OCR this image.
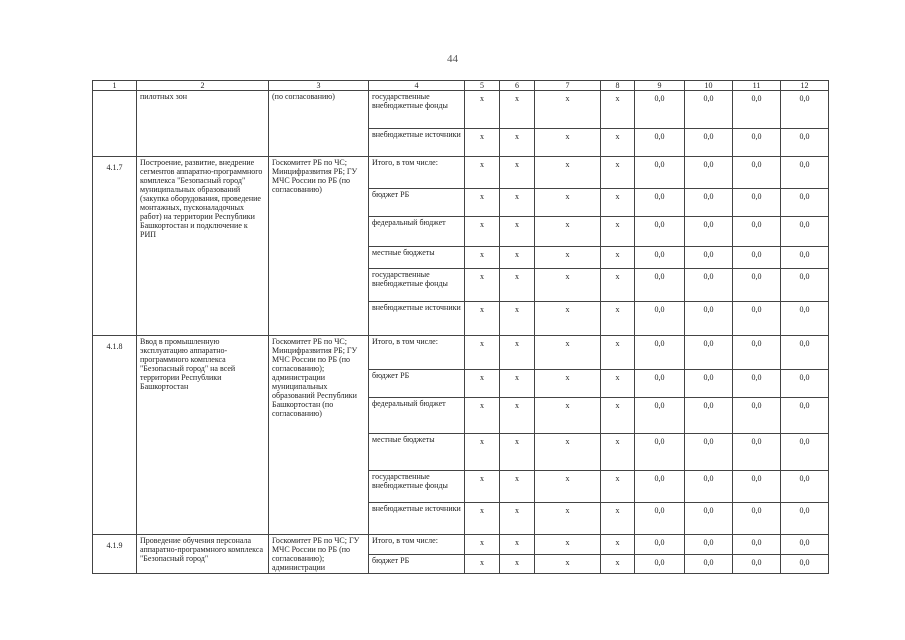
44
1	2	3	4	5	6	7	8	9	10	11	12
	пилотных зон	(по согласованию)	государственные внебюджетные фонды	x	x	x	x	0,0	0,0	0,0	0,0
			внебюджетные источники	x	x	x	x	0,0	0,0	0,0	0,0
4.1.7	Построение, развитие, внедрение сегментов аппаратно-программного комплекса "Безопасный город" муниципальных образований (закупка оборудования, проведение монтажных, пусконаладочных работ) на территории Республики Башкортостан и подключение к РИП	Госкомитет РБ по ЧС; Минцифразвития РБ; ГУ МЧС России по РБ (по согласованию)	Итого, в том числе:	x	x	x	x	0,0	0,0	0,0	0,0
			бюджет РБ	x	x	x	x	0,0	0,0	0,0	0,0
			федеральный бюджет	x	x	x	x	0,0	0,0	0,0	0,0
			местные бюджеты	x	x	x	x	0,0	0,0	0,0	0,0
			государственные внебюджетные фонды	x	x	x	x	0,0	0,0	0,0	0,0
			внебюджетные источники	x	x	x	x	0,0	0,0	0,0	0,0
4.1.8	Ввод в промышленную эксплуатацию аппаратно-программного комплекса "Безопасный город" на всей территории Республики Башкортостан	Госкомитет РБ по ЧС; Минцифразвития РБ; ГУ МЧС России по РБ (по согласованию); администрации муниципальных образований Республики Башкортостан (по согласованию)	Итого, в том числе:	x	x	x	x	0,0	0,0	0,0	0,0
			бюджет РБ	x	x	x	x	0,0	0,0	0,0	0,0
			федеральный бюджет	x	x	x	x	0,0	0,0	0,0	0,0
			местные бюджеты	x	x	x	x	0,0	0,0	0,0	0,0
			государственные внебюджетные фонды	x	x	x	x	0,0	0,0	0,0	0,0
			внебюджетные источники	x	x	x	x	0,0	0,0	0,0	0,0
4.1.9	Проведение обучения персонала аппаратно-программного комплекса "Безопасный город"	Госкомитет РБ по ЧС; ГУ МЧС России по РБ (по согласованию); администрации	Итого, в том числе:	x	x	x	x	0,0	0,0	0,0	0,0
			бюджет РБ	x	x	x	x	0,0	0,0	0,0	0,0
